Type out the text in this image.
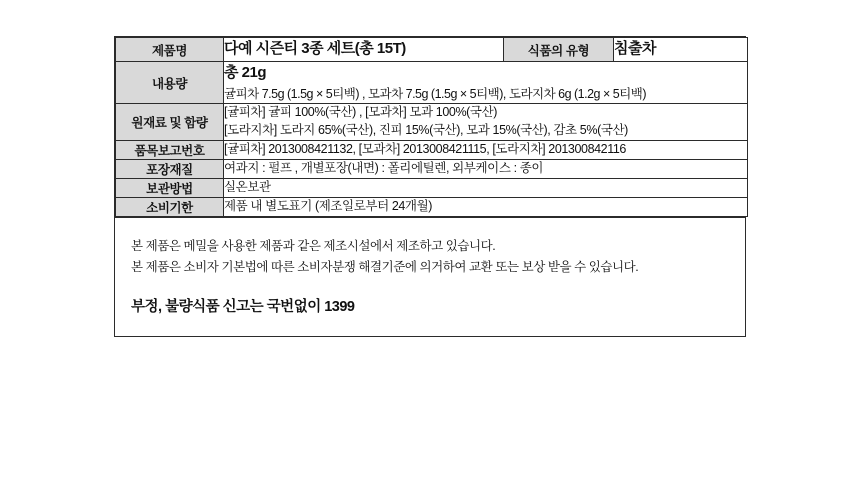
제품명	다예 시즌티 3종 세트(총 15T)	식품의 유형	침출차

내용량	총 21g
귤피차 7.5g (1.5g × 5티백) , 모과차 7.5g (1.5g × 5티백), 도라지차 6g (1.2g × 5티백)		

원재료 및 함량	[귤피차] 귤피 100%(국산) , [모과차] 모과 100%(국산)
[도라지차] 도라지 65%(국산), 진피 15%(국산), 모과 15%(국산), 감초 5%(국산)		

품목보고번호	[귤피차] 2013008421132, [모과차] 2013008421115, [도라지차] 201300842116		
포장재질	여과지 : 펄프 , 개별포장(내면) : 폴리에틸렌, 외부케이스 : 종이		
보관방법	실온보관		
소비기한	제품 내 별도표기 (제조일로부터 24개월)		
본 제품은 메밀을 사용한 제품과 같은 제조시설에서 제조하고 있습니다.
본 제품은 소비자 기본법에 따른 소비자분쟁 해결기준에 의거하여 교환 또는 보상 받을 수 있습니다.
부정, 불량식품 신고는 국번없이 1399
